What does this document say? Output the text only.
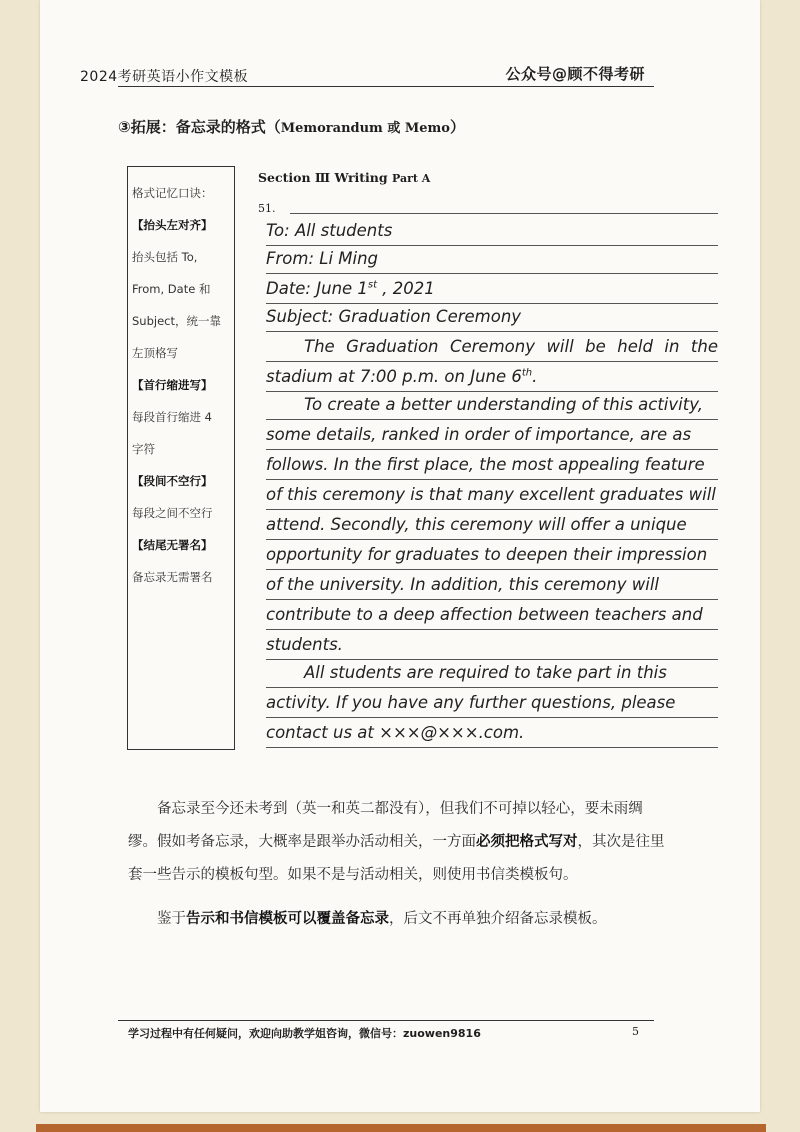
2024考研英语小作文模板	公众号@顾不得考研
③拓展：备忘录的格式（Memorandum 或 Memo）
格式记忆口诀：
【抬头左对齐】
抬头包括 To,
From, Date 和
Subject，统一靠
左顶格写
【首行缩进写】
每段首行缩进 4
字符
【段间不空行】
每段之间不空行
【结尾无署名】
备忘录无需署名
Section Ⅲ Writing Part A
51.
To: All students
From: Li Ming
Date: June 1st , 2021
Subject: Graduation Ceremony
The Graduation Ceremony will be held in the
stadium at 7:00 p.m. on June 6th.
To create a better understanding of this activity,
some details, ranked in order of importance, are as
follows. In the first place, the most appealing feature
of this ceremony is that many excellent graduates will
attend. Secondly, this ceremony will offer a unique
opportunity for graduates to deepen their impression
of the university. In addition, this ceremony will
contribute to a deep affection between teachers and
students.
All students are required to take part in this
activity. If you have any further questions, please
contact us at ×××@×××.com.
备忘录至今还未考到（英一和英二都没有），但我们不可掉以轻心，要未雨绸缪。假如考备忘录，大概率是跟举办活动相关，一方面必须把格式写对，其次是往里套一些告示的模板句型。如果不是与活动相关，则使用书信类模板句。
鉴于告示和书信模板可以覆盖备忘录，后文不再单独介绍备忘录模板。
学习过程中有任何疑问，欢迎向助教学姐咨询，微信号：zuowen9816	5
